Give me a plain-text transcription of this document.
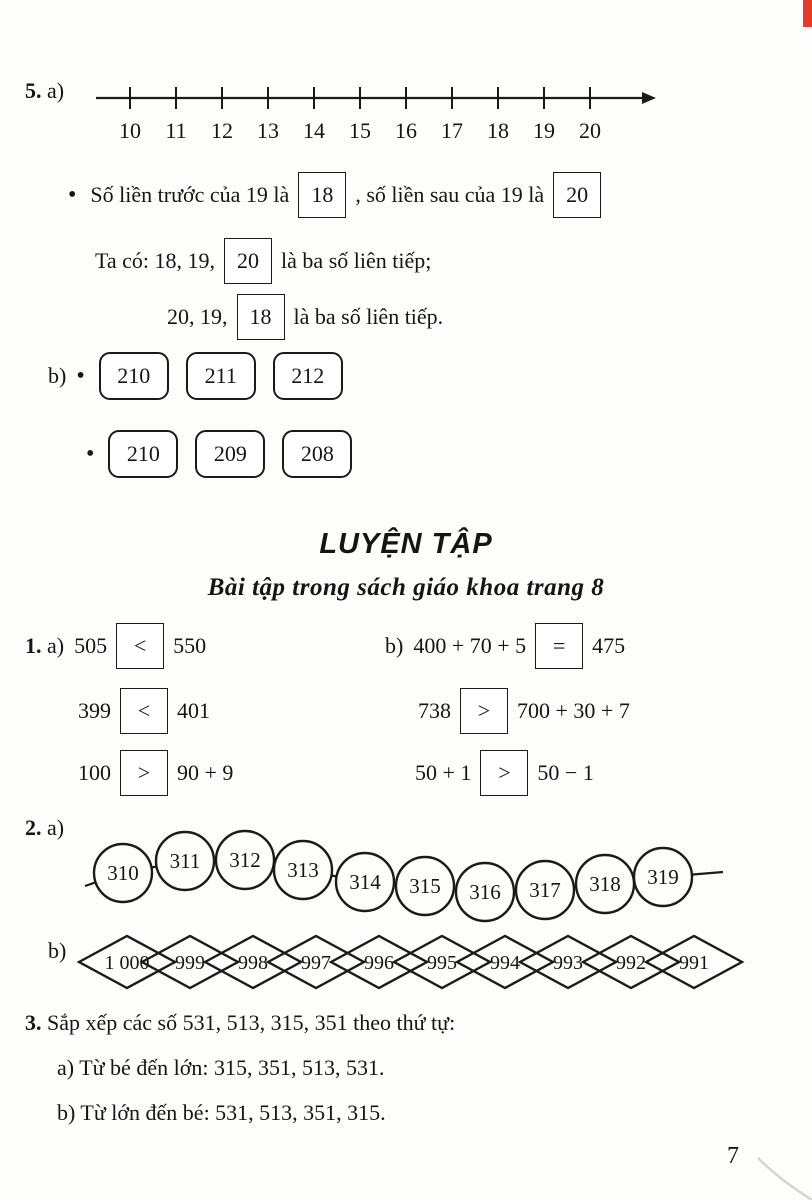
5.
a)
10 11 12 13 14 15 16 17 18 19 20
• Số liền trước của 19 là	18	, số liền sau của 19 là	20
Ta có: 18, 19,	20	là ba số liên tiếp;
20, 19,	18	là ba số liên tiếp.
b) •	210	211	212
•	210	209	208
LUYỆN TẬP
Bài tập trong sách giáo khoa trang 8
1.
a) 505	<	550	b) 400 + 70 + 5	=	475
399	<	401	738	>	700 + 30 + 7
100	>	90 + 9	50 + 1	>	50 − 1
2.
a)
310 311 312 313 314 315 316 317 318 319
b) 1 000 999 998 997 996 995 994 993 992 991
3.
Sắp xếp các số 531, 513, 315, 351 theo thứ tự:
a) Từ bé đến lớn: 315, 351, 513, 531.
b) Từ lớn đến bé: 531, 513, 351, 315.
7
